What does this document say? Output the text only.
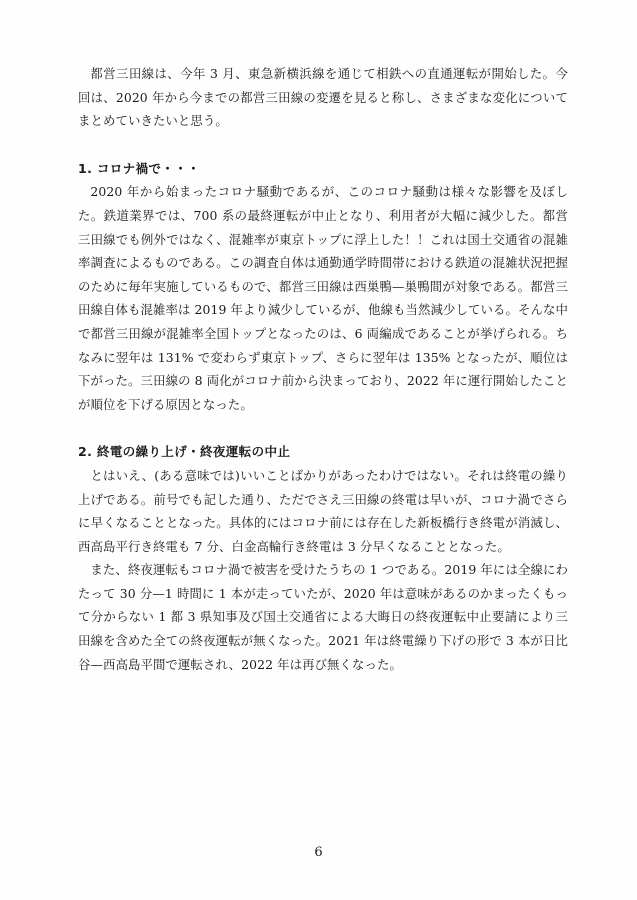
都営三田線は、今年 3 月、東急新横浜線を通じて相鉄への直通運転が開始した。今回は、2020 年から今までの都営三田線の変遷を見ると称し、さまざまな変化についてまとめていきたいと思う。

1. コロナ禍で・・・

2020 年から始まったコロナ騒動であるが、このコロナ騒動は様々な影響を及ぼした。鉄道業界では、700 系の最終運転が中止となり、利用者が大幅に減少した。都営三田線でも例外ではなく、混雑率が東京トップに浮上した！！これは国土交通省の混雑率調査によるものである。この調査自体は通勤通学時間帯における鉄道の混雑状況把握のために毎年実施しているもので、都営三田線は西巣鴨—巣鴨間が対象である。都営三田線自体も混雑率は 2019 年より減少しているが、他線も当然減少している。そんな中で都営三田線が混雑率全国トップとなったのは、6 両編成であることが挙げられる。ちなみに翌年は 131% で変わらず東京トップ、さらに翌年は 135% となったが、順位は下がった。三田線の 8 両化がコロナ前から決まっており、2022 年に運行開始したことが順位を下げる原因となった。

2. 終電の繰り上げ・終夜運転の中止

とはいえ、(ある意味では)いいことばかりがあったわけではない。それは終電の繰り上げである。前号でも記した通り、ただでさえ三田線の終電は早いが、コロナ渦でさらに早くなることとなった。具体的にはコロナ前には存在した新板橋行き終電が消滅し、西高島平行き終電も 7 分、白金高輪行き終電は 3 分早くなることとなった。

また、終夜運転もコロナ渦で被害を受けたうちの 1 つである。2019 年には全線にわたって 30 分—1 時間に 1 本が走っていたが、2020 年は意味があるのかまったくもって分からない 1 都 3 県知事及び国土交通省による大晦日の終夜運転中止要請により三田線を含めた全ての終夜運転が無くなった。2021 年は終電繰り下げの形で 3 本が日比谷—西高島平間で運転され、2022 年は再び無くなった。

6
